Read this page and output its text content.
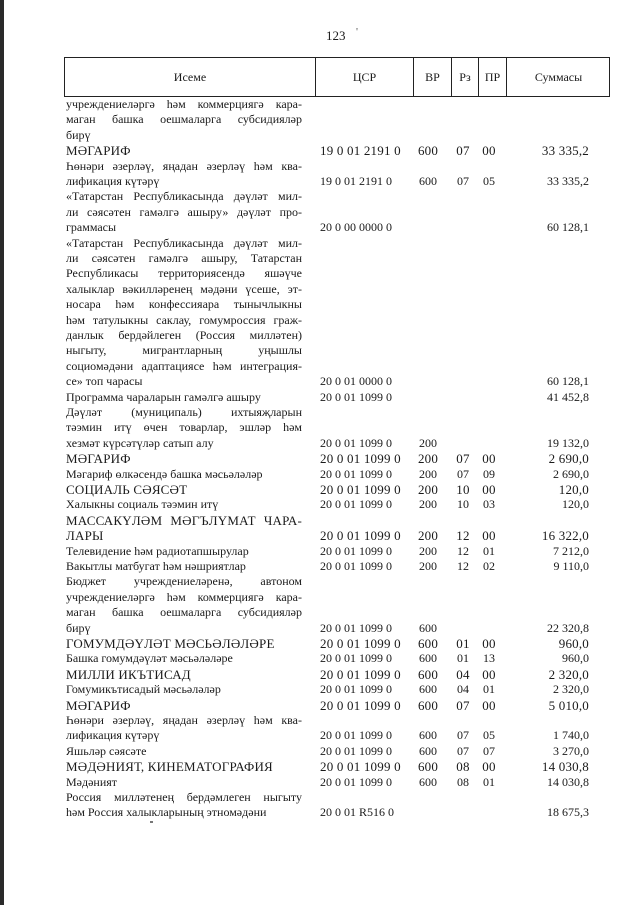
123 '
Исеме	ЦСР	ВР	Рз	ПР	Суммасы
учреждениеләргә һәм коммерциягә кара-
маган башка оешмаларга субсидияләр
бирү
МӘГАРИФ	19 0 01 2191 0 600 07 00	33 335,2
Һөнәри әзерләү, яңадан әзерләү һәм ква-
лификация күтәрү	19 0 01 2191 0 600 07 05	33 335,2
«Татарстан Республикасында дәүләт мил-
ли сәясәтен гамәлгә ашыру» дәүләт про-
граммасы	20 0 00 0000 0	60 128,1
«Татарстан Республикасында дәүләт мил-
ли сәясәтен гамәлгә ашыру, Татарстан
Республикасы территориясендә яшәүче
халыклар вәкилләренең мәдәни үсеше, эт-
носара һәм конфессияара тынычлыкны
һәм татулыкны саклау, гомумроссия граж-
данлык бердәйлеген (Россия милләтен)
ныгыту, мигрантларның уңышлы
социомәдәни адаптациясе һәм интеграция-
се» топ чарасы	20 0 01 0000 0	60 128,1
Программа чараларын гамәлгә ашыру	20 0 01 1099 0	41 452,8
Дәүләт (муниципаль) ихтыяҗларын
тәэмин итү өчен товарлар, эшләр һәм
хезмәт күрсәтүләр сатып алу	20 0 01 1099 0 200	19 132,0
МӘГАРИФ	20 0 01 1099 0 200 07 00	2 690,0
Мәгариф өлкәсендә башка мәсьәләләр	20 0 01 1099 0 200 07 09	2 690,0
СОЦИАЛЬ СӘЯСӘТ	20 0 01 1099 0 200 10 00	120,0
Халыкны социаль тәэмин итү	20 0 01 1099 0 200 10 03	120,0
МАССАКҮЛӘМ МӘГЪЛҮМАТ ЧАРА-
ЛАРЫ	20 0 01 1099 0 200 12 00	16 322,0
Телевидение һәм радиотапшырулар	20 0 01 1099 0 200 12 01	7 212,0
Вакытлы матбугат һәм нәшриятлар	20 0 01 1099 0 200 12 02	9 110,0
Бюджет учреждениеләренә, автоном
учреждениеләргә һәм коммерциягә кара-
маган башка оешмаларга субсидияләр
бирү	20 0 01 1099 0 600	22 320,8
ГОМУМДӘҮЛӘТ МӘСЬӘЛӘЛӘРЕ	20 0 01 1099 0 600 01 00	960,0
Башка гомумдәүләт мәсьәләләре	20 0 01 1099 0 600 01 13	960,0
МИЛЛИ ИКЪТИСАД	20 0 01 1099 0 600 04 00	2 320,0
Гомумикътисадый мәсьәләләр	20 0 01 1099 0 600 04 01	2 320,0
МӘГАРИФ	20 0 01 1099 0 600 07 00	5 010,0
Һөнәри әзерләү, яңадан әзерләү һәм ква-
лификация күтәрү	20 0 01 1099 0 600 07 05	1 740,0
Яшьләр сәясәте	20 0 01 1099 0 600 07 07	3 270,0
МӘДӘНИЯТ, КИНЕМАТОГРАФИЯ	20 0 01 1099 0 600 08 00	14 030,8
Мәдәният	20 0 01 1099 0 600 08 01	14 030,8
Россия милләтенең бердәмлеген ныгыту
һәм Россия халыкларының этномәдәни	20 0 01 R516 0	18 675,3
